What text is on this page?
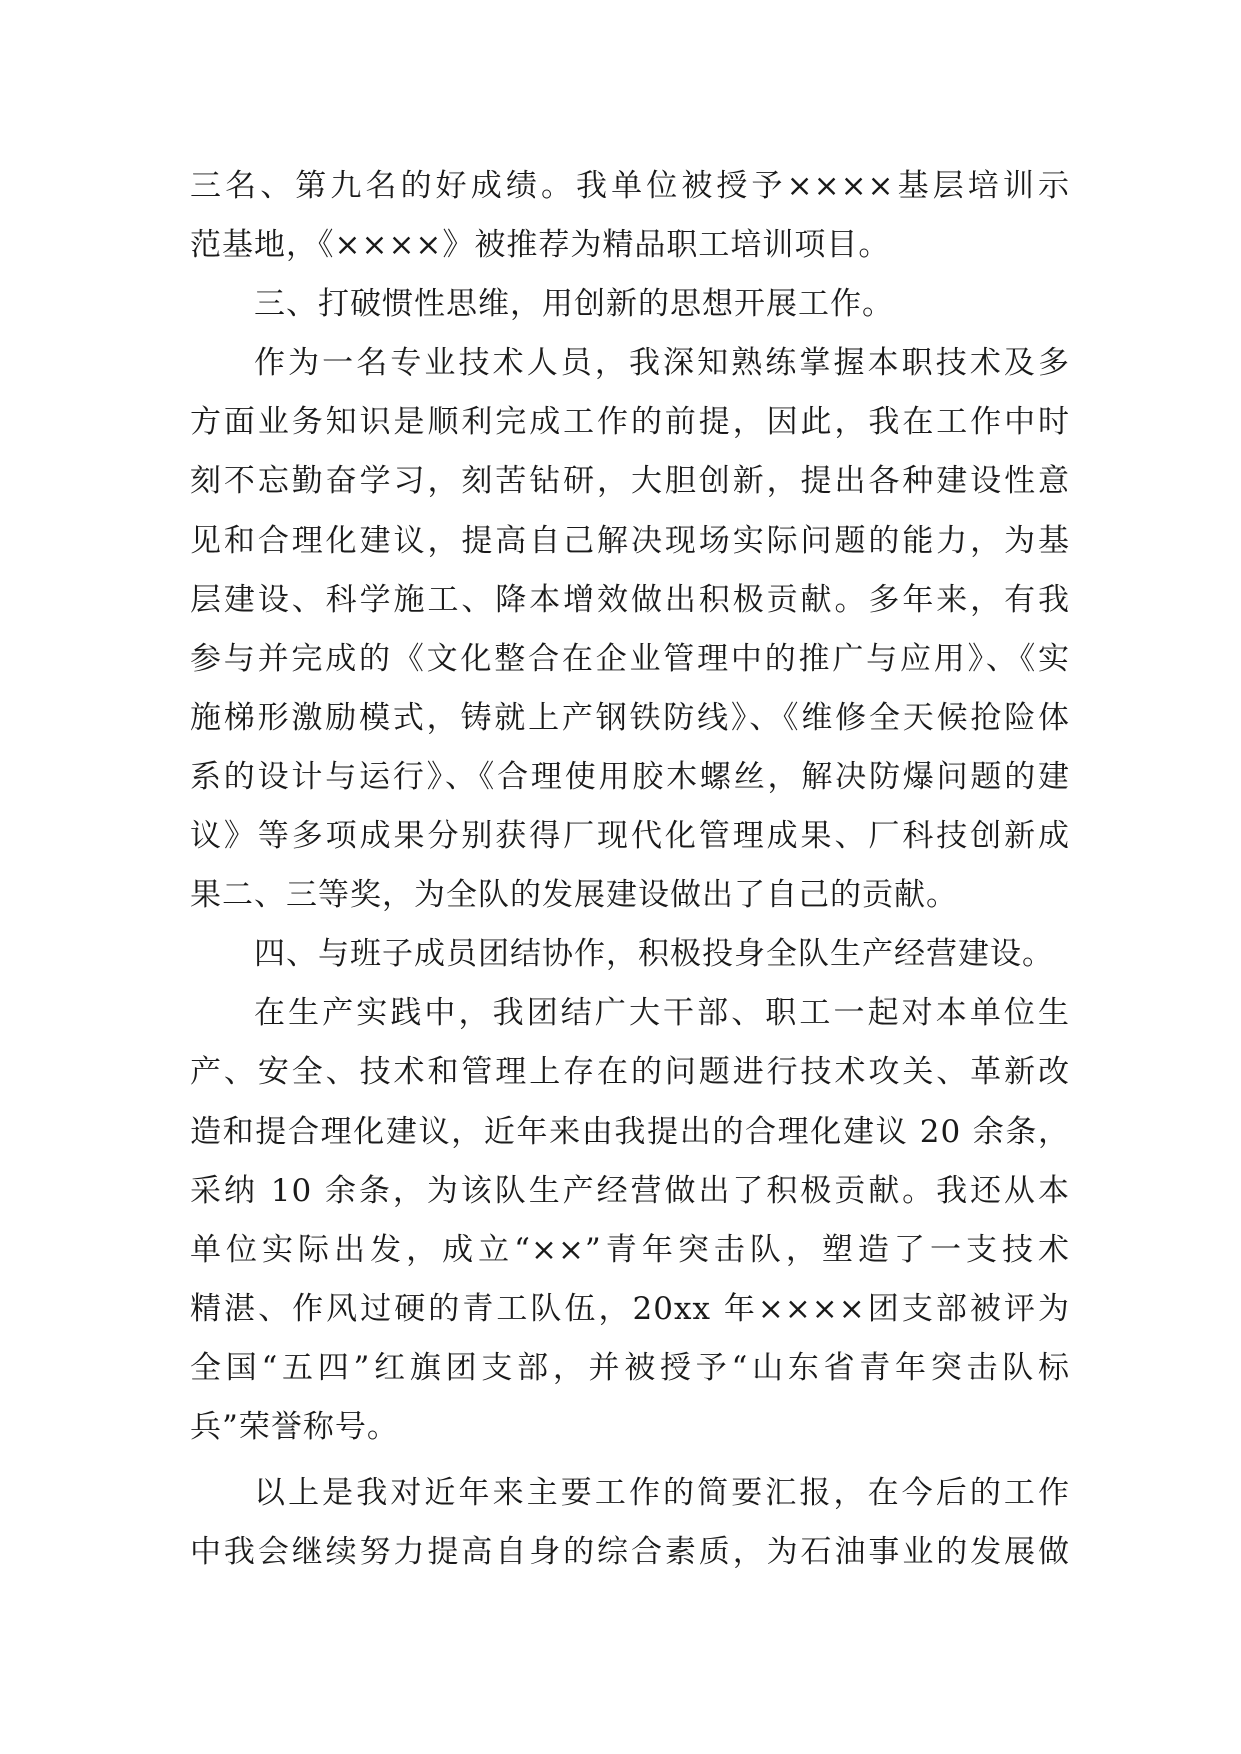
三名、第九名的好成绩。我单位被授予××××基层培训示
范基地，《××××》被推荐为精品职工培训项目。
三、打破惯性思维，用创新的思想开展工作。
作为一名专业技术人员，我深知熟练掌握本职技术及多
方面业务知识是顺利完成工作的前提，因此，我在工作中时
刻不忘勤奋学习，刻苦钻研，大胆创新，提出各种建设性意
见和合理化建议，提高自己解决现场实际问题的能力，为基
层建设、科学施工、降本增效做出积极贡献。多年来，有我
参与并完成的《文化整合在企业管理中的推广与应用》、《实
施梯形激励模式，铸就上产钢铁防线》、《维修全天候抢险体
系的设计与运行》、《合理使用胶木螺丝，解决防爆问题的建
议》等多项成果分别获得厂现代化管理成果、厂科技创新成
果二、三等奖，为全队的发展建设做出了自己的贡献。
四、与班子成员团结协作，积极投身全队生产经营建设。
在生产实践中，我团结广大干部、职工一起对本单位生
产、安全、技术和管理上存在的问题进行技术攻关、革新改
造和提合理化建议，近年来由我提出的合理化建议 20 余条，
采纳 10 余条，为该队生产经营做出了积极贡献。我还从本
单位实际出发，成立“××”青年突击队，塑造了一支技术
精湛、作风过硬的青工队伍，20xx 年××××团支部被评为
全国“五四”红旗团支部，并被授予“山东省青年突击队标
兵”荣誉称号。
以上是我对近年来主要工作的简要汇报，在今后的工作
中我会继续努力提高自身的综合素质，为石油事业的发展做
